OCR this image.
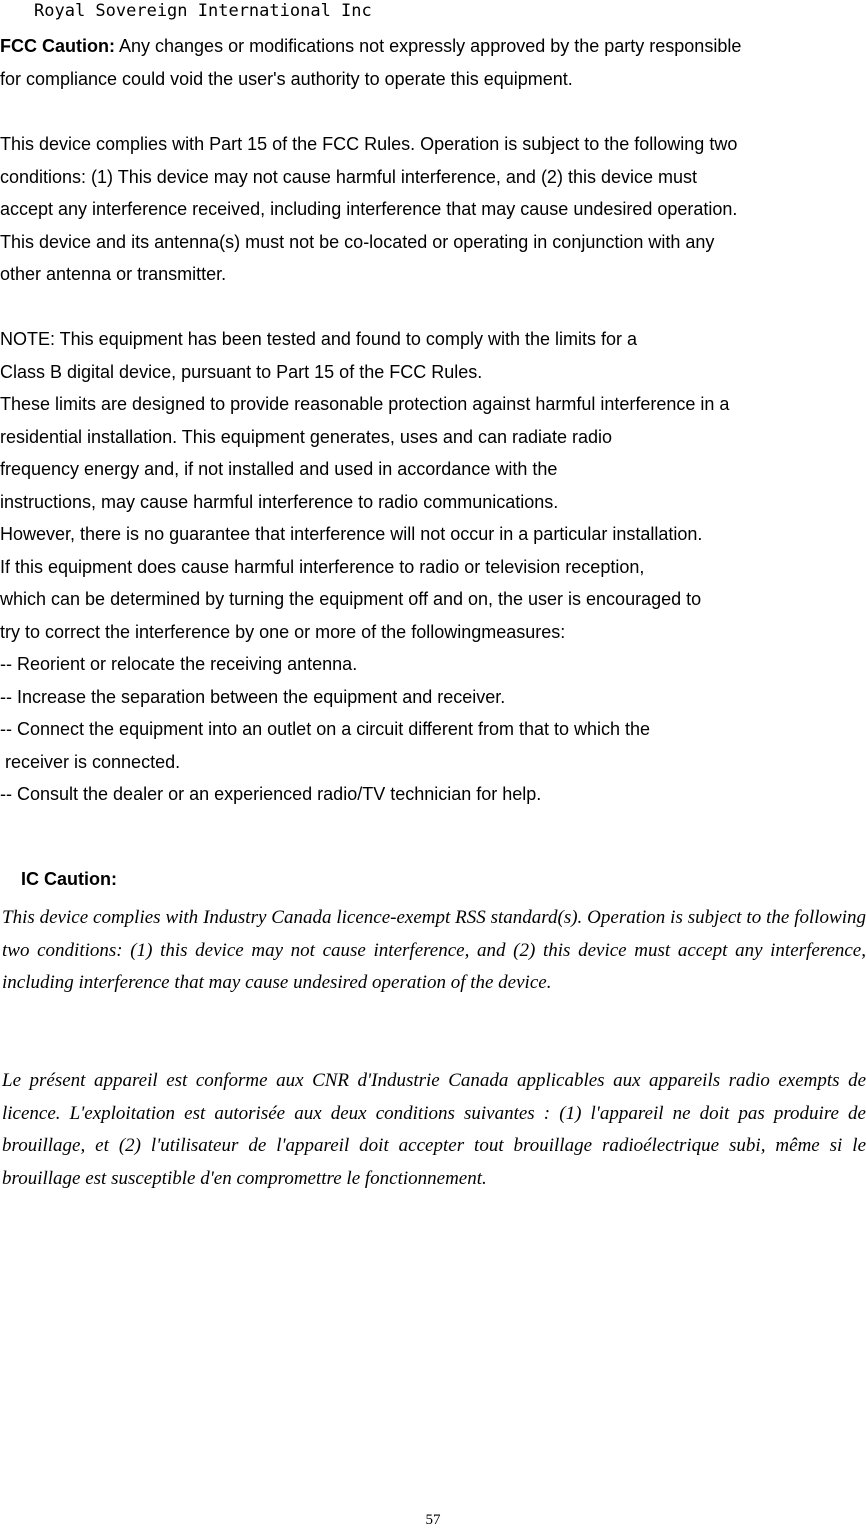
Royal Sovereign International Inc
FCC Caution: Any changes or modifications not expressly approved by the party responsible
for compliance could void the user's authority to operate this equipment.
This device complies with Part 15 of the FCC Rules. Operation is subject to the following two
conditions: (1) This device may not cause harmful interference, and (2) this device must
accept any interference received, including interference that may cause undesired operation.
This device and its antenna(s) must not be co-located or operating in conjunction with any
other antenna or transmitter.
NOTE: This equipment has been tested and found to comply with the limits for a
Class B digital device, pursuant to Part 15 of the FCC Rules.
These limits are designed to provide reasonable protection against harmful interference in a
residential installation. This equipment generates, uses and can radiate radio
frequency energy and, if not installed and used in accordance with the
instructions, may cause harmful interference to radio communications.
However, there is no guarantee that interference will not occur in a particular installation.
If this equipment does cause harmful interference to radio or television reception,
which can be determined by turning the equipment off and on, the user is encouraged to
try to correct the interference by one or more of the followingmeasures:
-- Reorient or relocate the receiving antenna.
-- Increase the separation between the equipment and receiver.
-- Connect the equipment into an outlet on a circuit different from that to which the
receiver is connected.
-- Consult the dealer or an experienced radio/TV technician for help.
IC Caution:

This device complies with Industry Canada licence-exempt RSS standard(s). Operation is subject to the following two conditions: (1) this device may not cause interference, and (2) this device must accept any interference, including interference that may cause undesired operation of the device.

Le présent appareil est conforme aux CNR d'Industrie Canada applicables aux appareils radio exempts de licence. L'exploitation est autorisée aux deux conditions suivantes : (1) l'appareil ne doit pas produire de brouillage, et (2) l'utilisateur de l'appareil doit accepter tout brouillage radioélectrique subi, même si le brouillage est susceptible d'en compromettre le fonctionnement.

57
